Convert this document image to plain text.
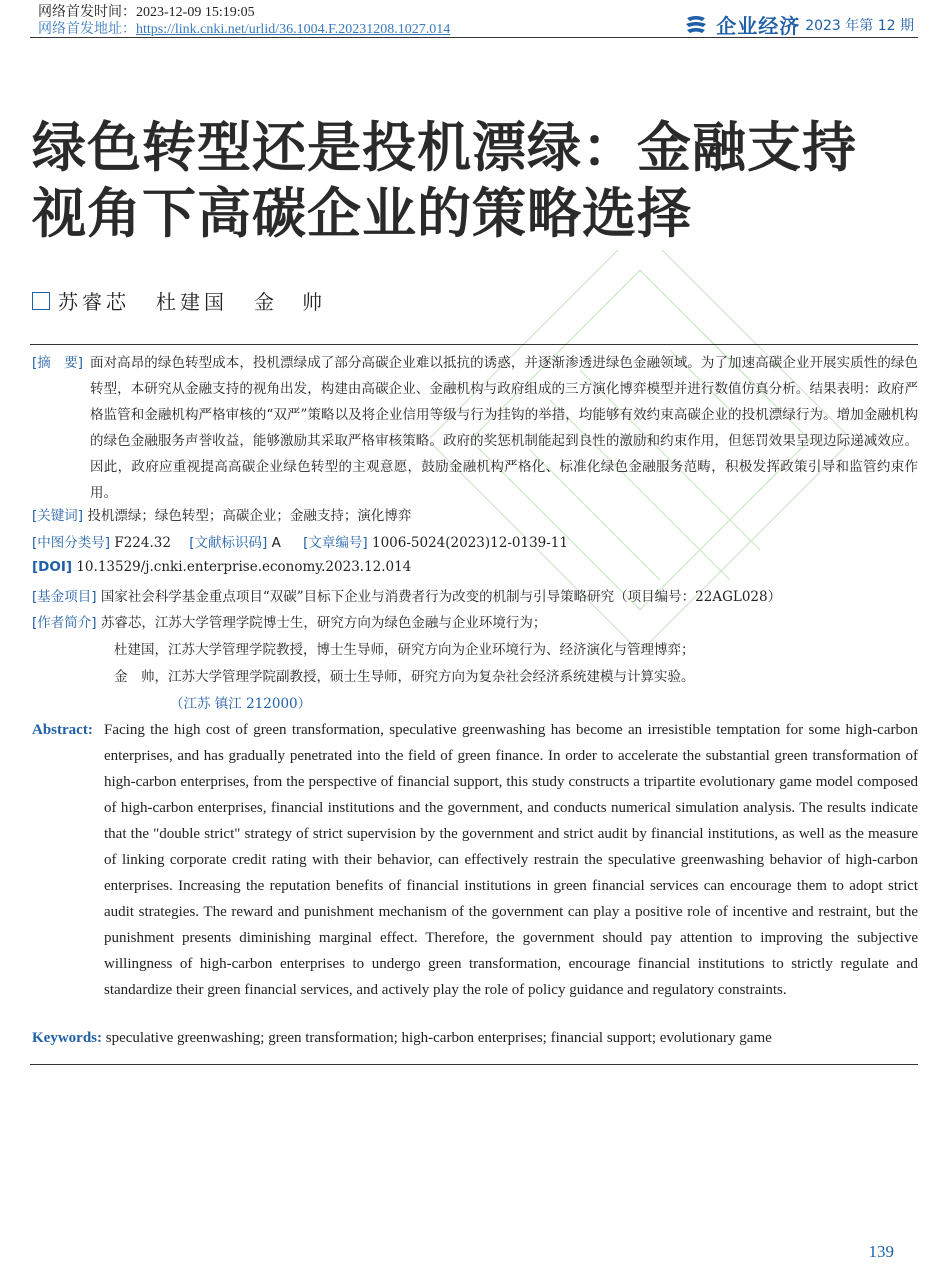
网络首发时间：2023-12-09 15:19:05
网络首发地址：https://link.cnki.net/urlid/36.1004.F.20231208.1027.014	企业经济 2023 年第 12 期
绿色转型还是投机漂绿：金融支持
视角下高碳企业的策略选择
苏睿芯 杜建国 金　帅
[摘　要] 面对高昂的绿色转型成本，投机漂绿成了部分高碳企业难以抵抗的诱惑，并逐渐渗透进绿色金融领域。为了加速高碳企业开展实质性的绿色转型，本研究从金融支持的视角出发，构建由高碳企业、金融机构与政府组成的三方演化博弈模型并进行数值仿真分析。结果表明：政府严格监管和金融机构严格审核的“双严”策略以及将企业信用等级与行为挂钩的举措，均能够有效约束高碳企业的投机漂绿行为。增加金融机构的绿色金融服务声誉收益，能够激励其采取严格审核策略。政府的奖惩机制能起到良性的激励和约束作用，但惩罚效果呈现边际递减效应。因此，政府应重视提高高碳企业绿色转型的主观意愿，鼓励金融机构严格化、标准化绿色金融服务范畴，积极发挥政策引导和监管约束作用。
[关键词] 投机漂绿；绿色转型；高碳企业；金融支持；演化博弈
[中图分类号] F224.32 [文献标识码] A [文章编号] 1006-5024(2023)12-0139-11
[DOI] 10.13529/j.cnki.enterprise.economy.2023.12.014
[基金项目] 国家社会科学基金重点项目“双碳”目标下企业与消费者行为改变的机制与引导策略研究（项目编号：22AGL028）
[作者简介] 苏睿芯，江苏大学管理学院博士生，研究方向为绿色金融与企业环境行为；
杜建国，江苏大学管理学院教授，博士生导师，研究方向为企业环境行为、经济演化与管理博弈；
金　帅，江苏大学管理学院副教授，硕士生导师，研究方向为复杂社会经济系统建模与计算实验。
（江苏 镇江 212000）
Abstract: Facing the high cost of green transformation, speculative greenwashing has become an irresistible temptation for some high-carbon enterprises, and has gradually penetrated into the field of green finance. In order to accelerate the substantial green transformation of high-carbon enterprises, from the perspective of financial support, this study constructs a tripartite evolutionary game model composed of high-carbon enterprises, financial institutions and the government, and conducts numerical simulation analysis. The results indicate that the "double strict" strategy of strict supervision by the government and strict audit by financial institutions, as well as the measure of linking corporate credit rating with their behavior, can effectively restrain the speculative greenwashing behavior of high-carbon enterprises. Increasing the reputation benefits of financial institutions in green financial services can encourage them to adopt strict audit strategies. The reward and punishment mechanism of the government can play a positive role of incentive and restraint, but the punishment presents diminishing marginal effect. Therefore, the government should pay attention to improving the subjective willingness of high-carbon enterprises to undergo green transformation, encourage financial institutions to strictly regulate and standardize their green financial services, and actively play the role of policy guidance and regulatory constraints.
Keywords: speculative greenwashing; green transformation; high-carbon enterprises; financial support; evolutionary game
139
